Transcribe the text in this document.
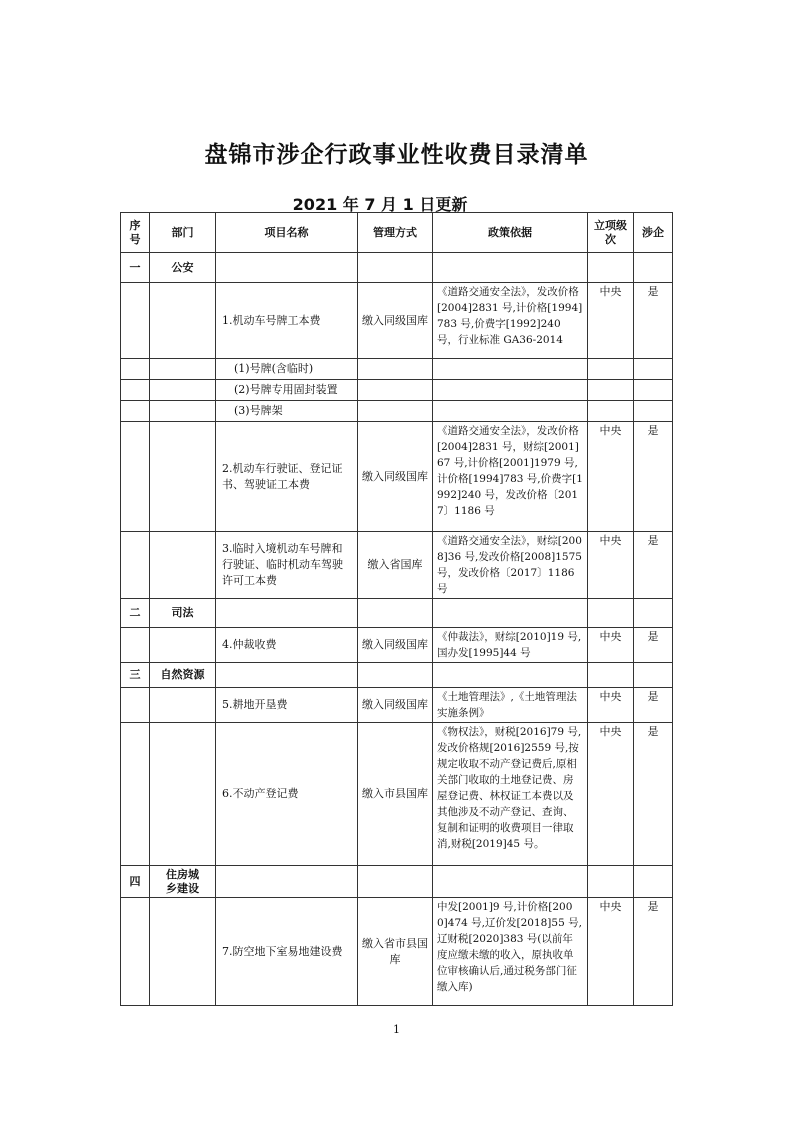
盘锦市涉企行政事业性收费目录清单
2021 年 7 月 1 日更新
序号	部门	项目名称	管理方式	政策依据	立项级次	涉企
一	公安					
		1.机动车号牌工本费	缴入同级国库	《道路交通安全法》，发改价格[2004]2831 号,计价格[1994]783 号,价费字[1992]240 号，行业标准 GA36-2014	中央	是
		(1)号牌(含临时)				
		(2)号牌专用固封装置				
		(3)号牌架				
		2.机动车行驶证、登记证书、驾驶证工本费	缴入同级国库	《道路交通安全法》，发改价格[2004]2831 号，财综[2001]67 号,计价格[2001]1979 号,计价格[1994]783 号,价费字[1992]240 号，发改价格〔2017〕1186 号	中央	是
		3.临时入境机动车号牌和行驶证、临时机动车驾驶许可工本费	缴入省国库	《道路交通安全法》，财综[2008]36 号,发改价格[2008]1575 号，发改价格〔2017〕1186 号	中央	是
二	司法					
		4.仲裁收费	缴入同级国库	《仲裁法》，财综[2010]19 号,国办发[1995]44 号	中央	是
三	自然资源					
		5.耕地开垦费	缴入同级国库	《土地管理法》,《土地管理法实施条例》	中央	是
		6.不动产登记费	缴入市县国库	《物权法》，财税[2016]79 号,发改价格规[2016]2559 号,按规定收取不动产登记费后,原相关部门收取的土地登记费、房屋登记费、林权证工本费以及其他涉及不动产登记、查询、复制和证明的收费项目一律取消,财税[2019]45 号。	中央	是
四	住房城乡建设					
		7.防空地下室易地建设费	缴入省市县国库	中发[2001]9 号,计价格[2000]474 号,辽价发[2018]55 号,辽财税[2020]383 号(以前年度应缴未缴的收入，原执收单位审核确认后,通过税务部门征缴入库)	中央	是
1
